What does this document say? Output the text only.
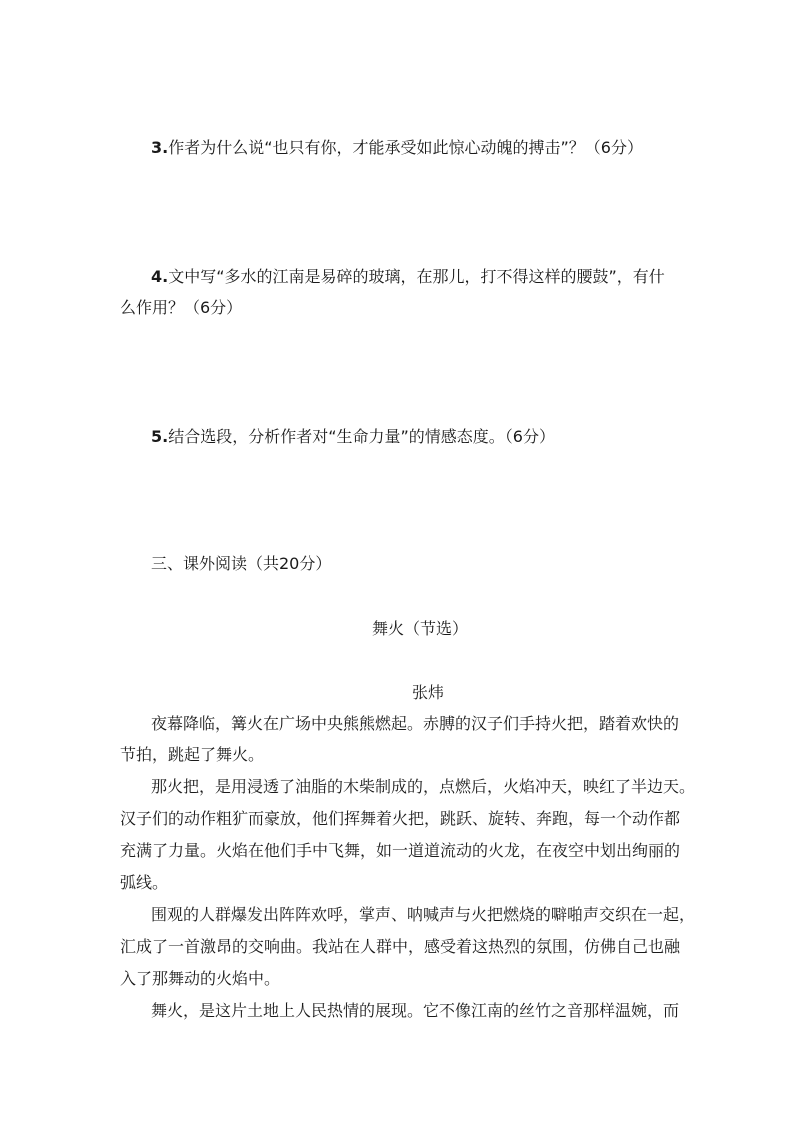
3.作者为什么说“也只有你，才能承受如此惊心动魄的搏击”？（6分）
4.文中写“多水的江南是易碎的玻璃，在那儿，打不得这样的腰鼓”，有什
么作用？（6分）
5.结合选段，分析作者对“生命力量”的情感态度。（6分）
三、课外阅读（共20分）
舞火（节选）
张炜
夜幕降临，篝火在广场中央熊熊燃起。赤膊的汉子们手持火把，踏着欢快的
节拍，跳起了舞火。
那火把，是用浸透了油脂的木柴制成的，点燃后，火焰冲天，映红了半边天。
汉子们的动作粗犷而豪放，他们挥舞着火把，跳跃、旋转、奔跑，每一个动作都
充满了力量。火焰在他们手中飞舞，如一道道流动的火龙，在夜空中划出绚丽的
弧线。
围观的人群爆发出阵阵欢呼，掌声、呐喊声与火把燃烧的噼啪声交织在一起，
汇成了一首激昂的交响曲。我站在人群中，感受着这热烈的氛围，仿佛自己也融
入了那舞动的火焰中。
舞火，是这片土地上人民热情的展现。它不像江南的丝竹之音那样温婉，而
